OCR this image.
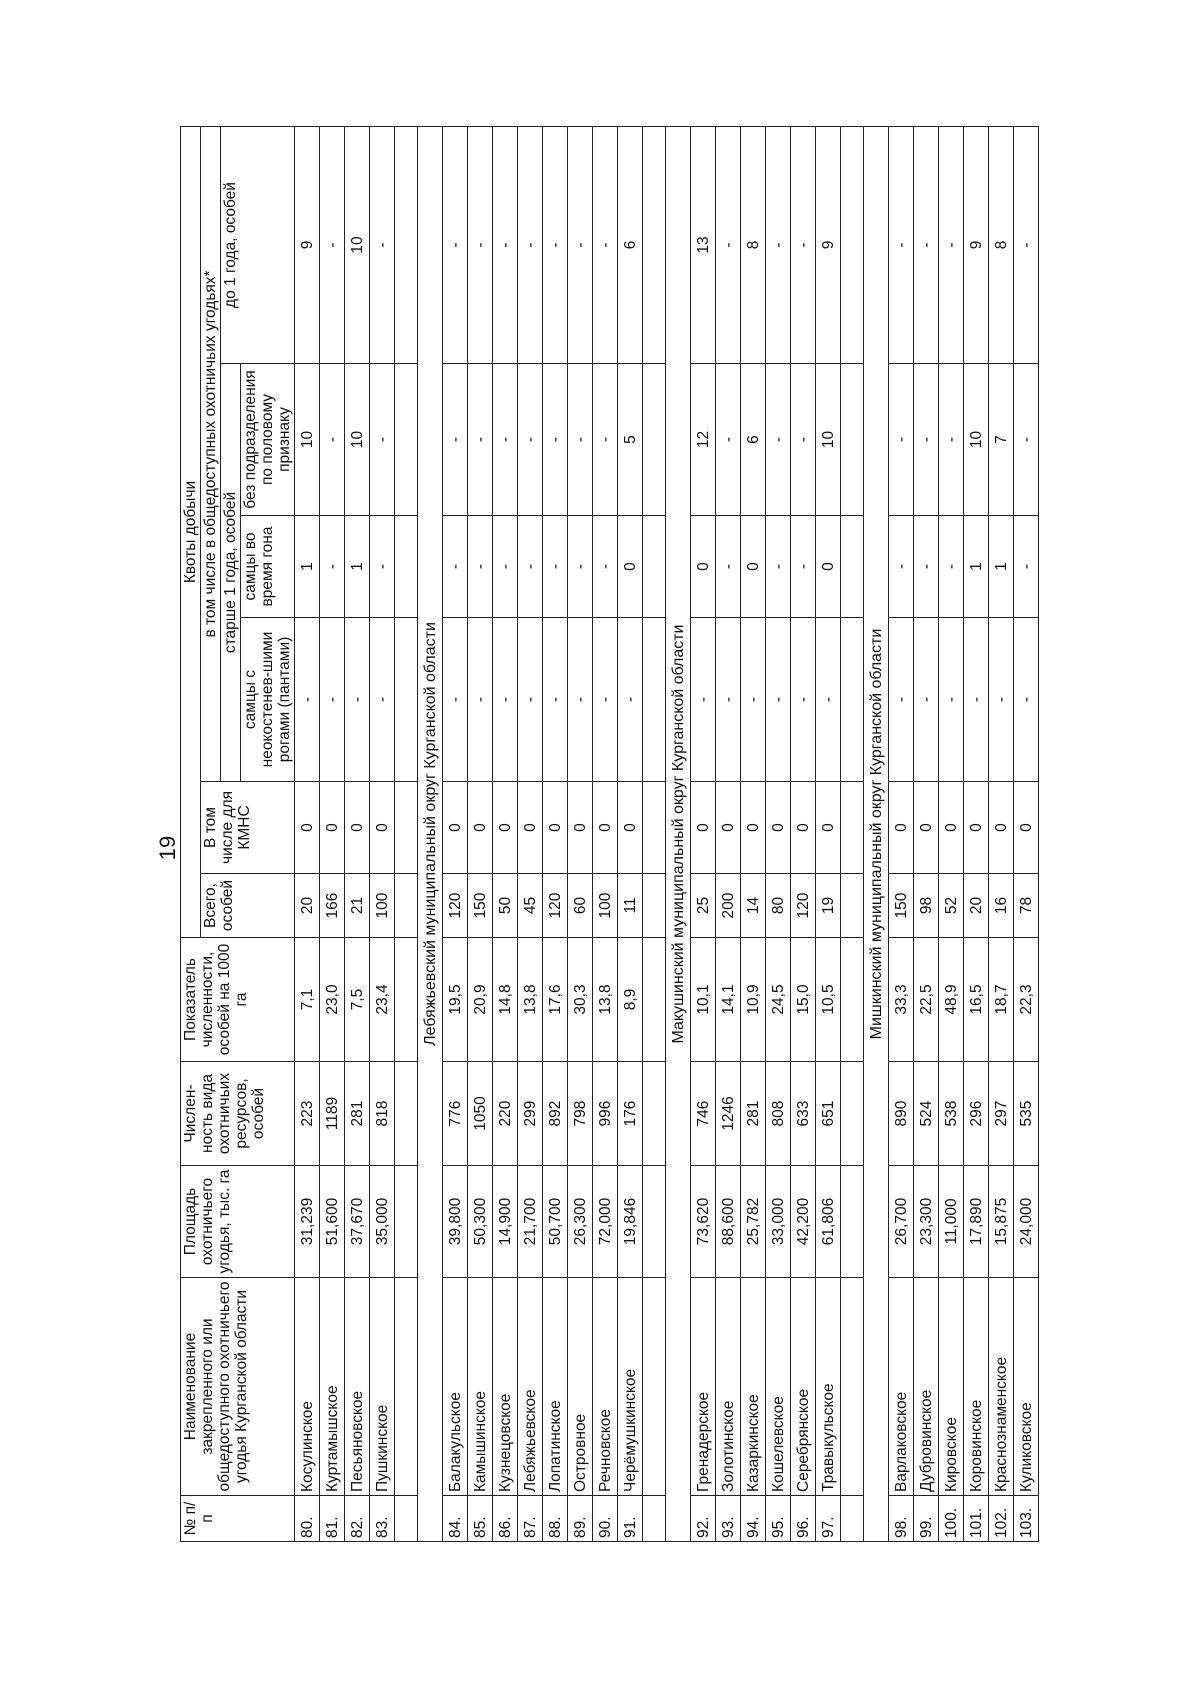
19
№ п/п	Наименование закрепленного или общедоступного охотничьего угодья Курганской области	Площадь охотничьего угодья, тыс. га	Числен-ность вида охотничьих ресурсов, особей	Показатель численности, особей на 1000 га	Квоты добычи					
					Всего, особей	В том числе для КМНС	в том числе в общедоступных охотничьих угодьях*			
							старше 1 года, особей			до 1 года, особей
							самцы с неокостенев-шими рогами (пантами)	самцы во время гона	без подразделения по половому признаку	
80.	Косулинское	31,239	223	7,1	20	0	-	1	10	9
81.	Куртамышское	51,600	1189	23,0	166	0	-	-	-	-
82.	Песьяновское	37,670	281	7,5	21	0	-	1	10	10
83.	Пушкинское	35,000	818	23,4	100	0	-	-	-	-

Лебяжьевский муниципальный округ Курганской области										
84.	Балакульское	39,800	776	19,5	120	0	-	-	-	-
85.	Камышинское	50,300	1050	20,9	150	0	-	-	-	-
86.	Кузнецовское	14,900	220	14,8	50	0	-	-	-	-
87.	Лебяжьевское	21,700	299	13,8	45	0	-	-	-	-
88.	Лопатинское	50,700	892	17,6	120	0	-	-	-	-
89.	Островное	26,300	798	30,3	60	0	-	-	-	-
90.	Речновское	72,000	996	13,8	100	0	-	-	-	-
91.	Черёмушкинское	19,846	176	8,9	11	0	-	0	5	6

Макушинский муниципальный округ Курганской области										
92.	Гренадерское	73,620	746	10,1	25	0	-	0	12	13
93.	Золотинское	88,600	1246	14,1	200	0	-	-	-	-
94.	Казаркинское	25,782	281	10,9	14	0	-	0	6	8
95.	Кошелевское	33,000	808	24,5	80	0	-	-	-	-
96.	Серебрянское	42,200	633	15,0	120	0	-	-	-	-
97.	Травыкульское	61,806	651	10,5	19	0	-	0	10	9

Мишкинский муниципальный округ Курганской области										
98.	Варлаковское	26,700	890	33,3	150	0	-	-	-	-
99.	Дубровинское	23,300	524	22,5	98	0	-	-	-	-
100.	Кировское	11,000	538	48,9	52	0	-	-	-	-
101.	Коровинское	17,890	296	16,5	20	0	-	1	10	9
102.	Краснознаменское	15,875	297	18,7	16	0	-	1	7	8
103.	Куликовское	24,000	535	22,3	78	0	-	-	-	-
